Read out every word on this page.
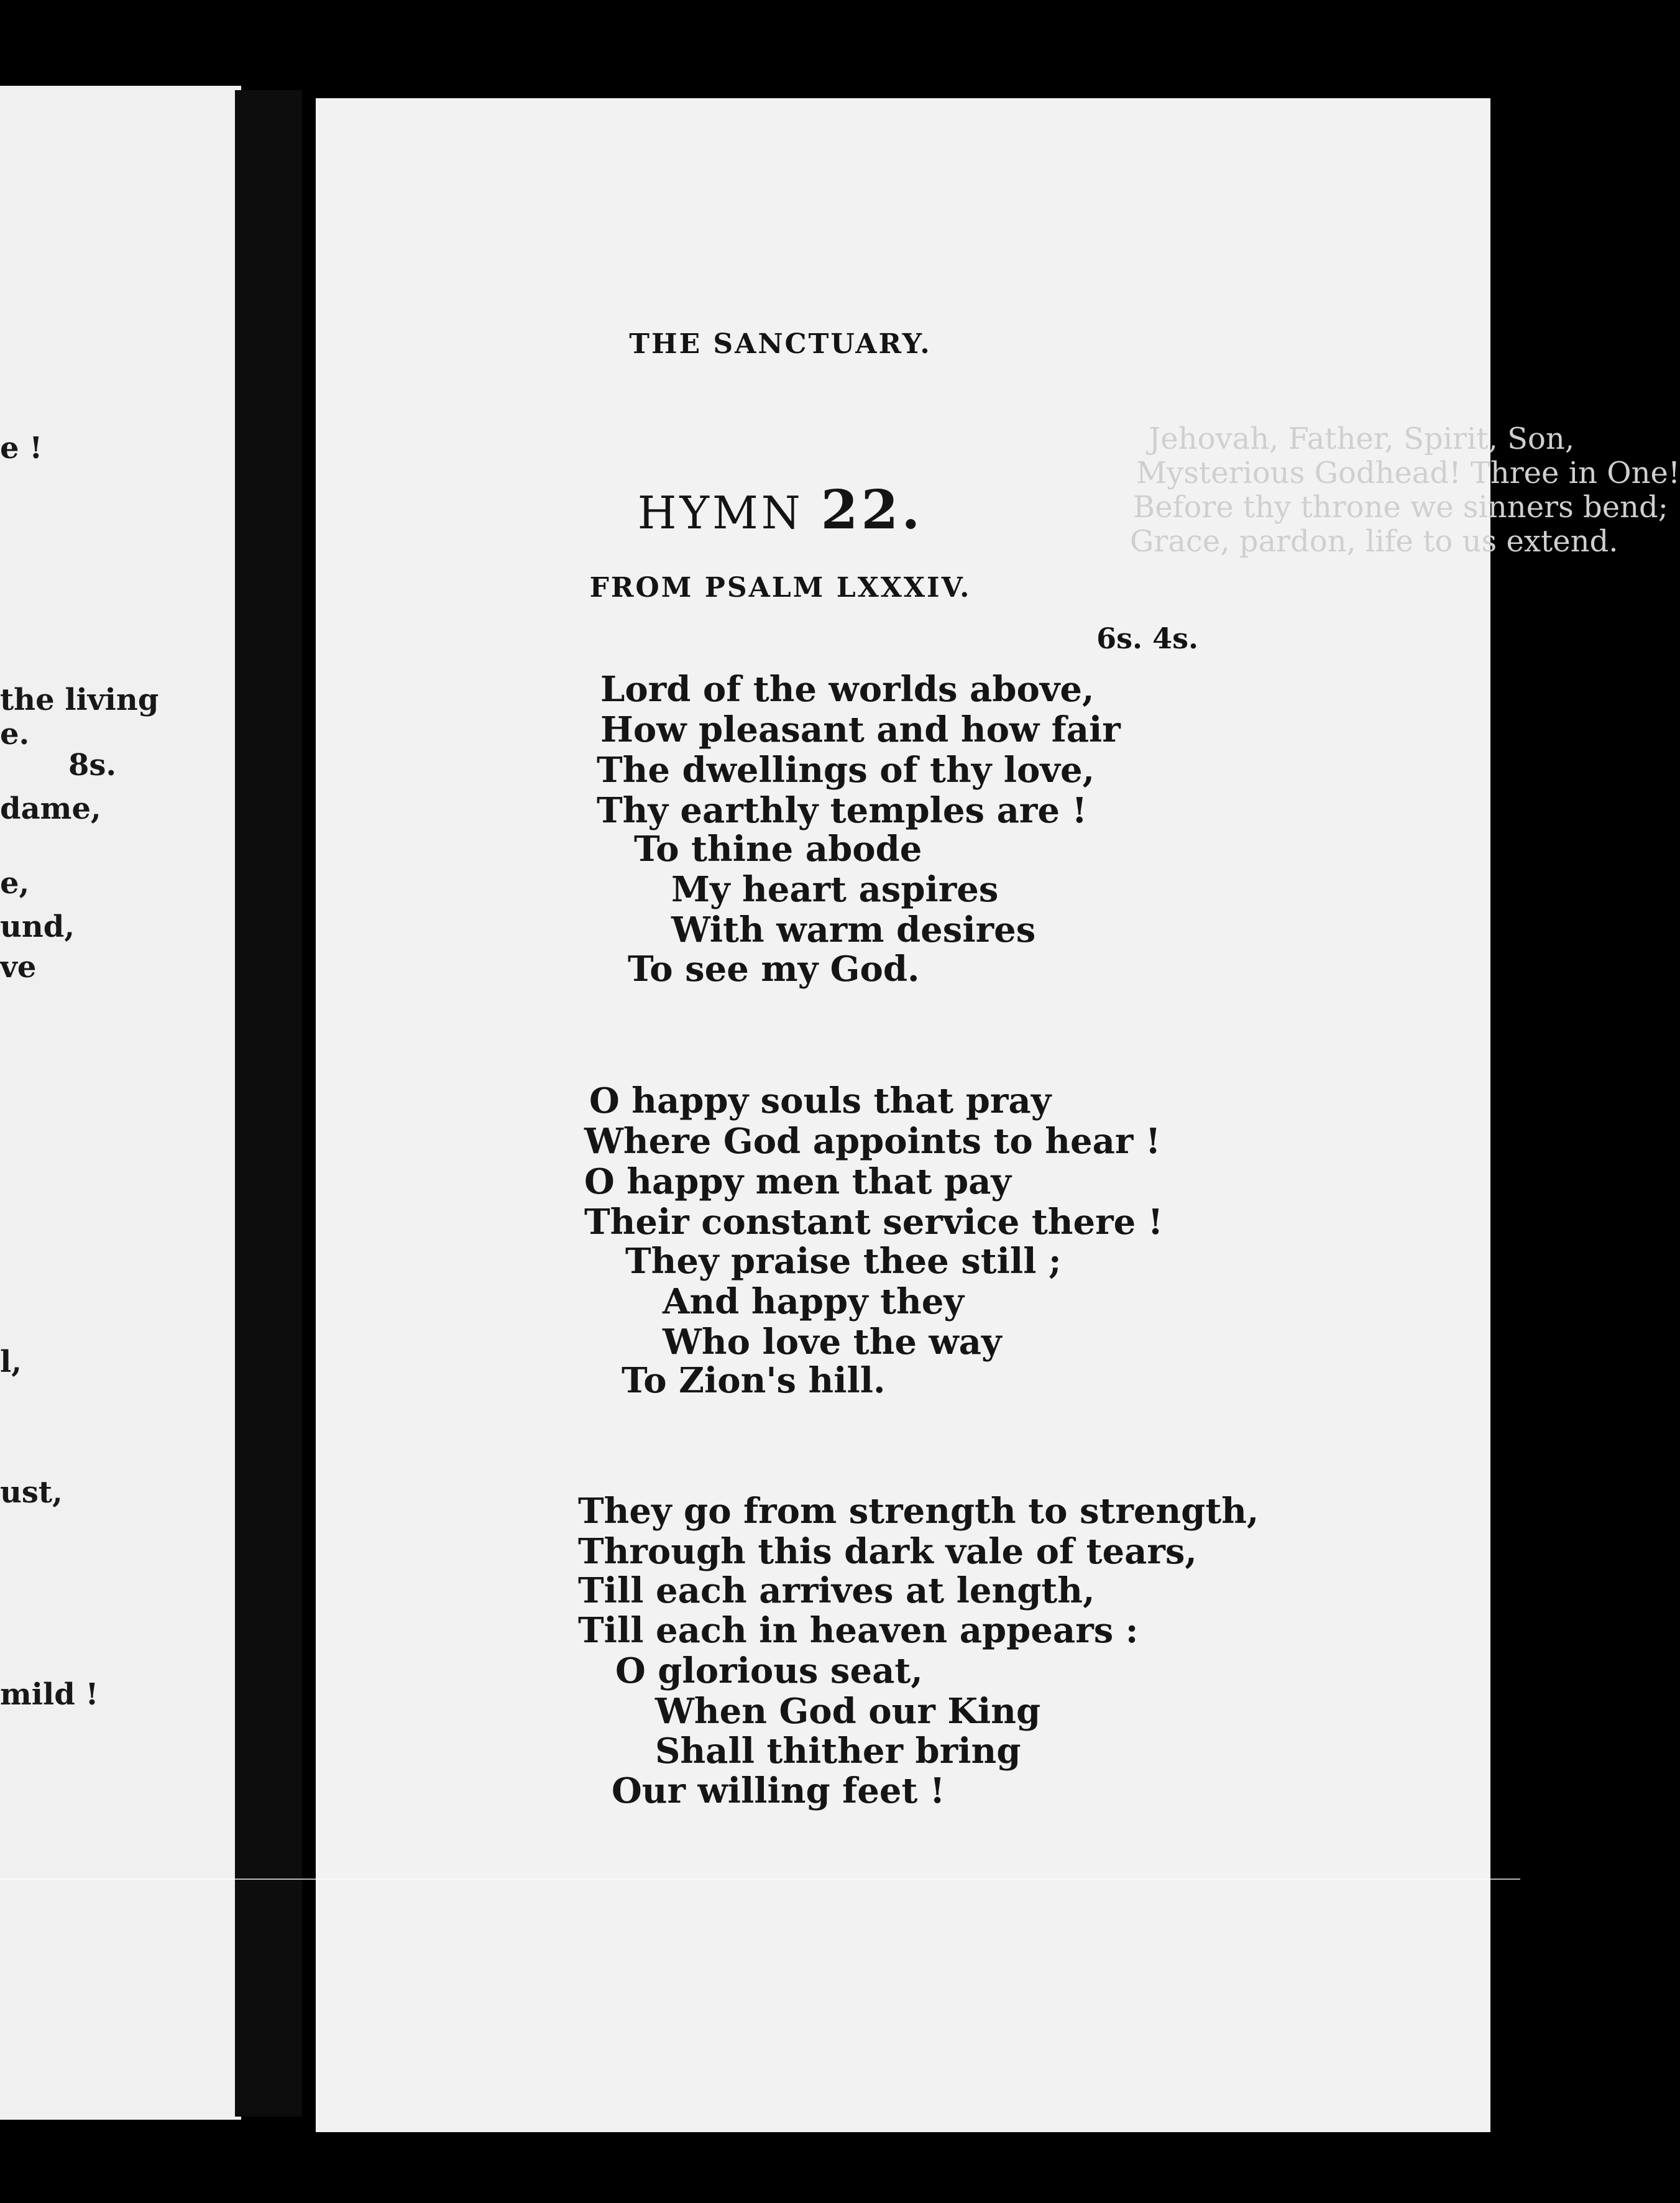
e !
the living
e.
8s.
dame,
e,
und,
ve
l,
ust,
mild !
Jehovah, Father, Spirit, Son,
Mysterious Godhead! Three in One!
Before thy throne we sinners bend;
Grace, pardon, life to us extend.
THE SANCTUARY.
HYMN 22.
FROM PSALM LXXXIV.
6s. 4s.
Lord of the worlds above,
How pleasant and how fair
The dwellings of thy love,
Thy earthly temples are !
To thine abode
My heart aspires
With warm desires
To see my God.
O happy souls that pray
Where God appoints to hear !
O happy men that pay
Their constant service there !
They praise thee still ;
And happy they
Who love the way
To Zion's hill.
They go from strength to strength,
Through this dark vale of tears,
Till each arrives at length,
Till each in heaven appears :
O glorious seat,
When God our King
Shall thither bring
Our willing feet !
